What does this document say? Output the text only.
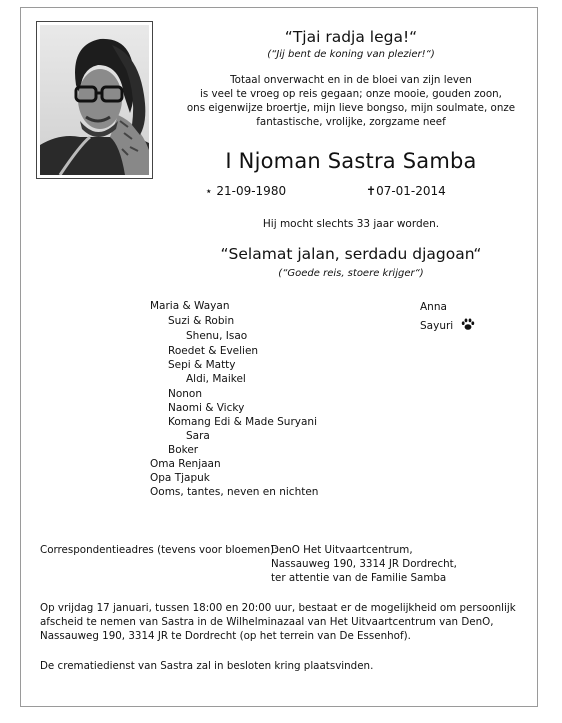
“Tjai radja lega!“
(“Jij bent de koning van plezier!“)
Totaal onverwacht en in de bloei van zijn leven
is veel te vroeg op reis gegaan; onze mooie, gouden zoon,
ons eigenwijze broertje, mijn lieve bongso, mijn soulmate, onze
fantastische, vrolijke, zorgzame neef
I Njoman Sastra Samba
⋆ 21-09-1980	✝07-01-2014
Hij mocht slechts 33 jaar worden.
“Selamat jalan, serdadu djagoan“
(“Goede reis, stoere krijger“)
Maria & Wayan
Suzi & Robin
Shenu, Isao
Roedet & Evelien
Sepi & Matty
Aldi, Maikel
Nonon
Naomi & Vicky
Komang Edi & Made Suryani
Sara
Boker
Oma Renjaan
Opa Tjapuk
Ooms, tantes, neven en nichten
Anna
Sayuri
Correspondentieadres (tevens voor bloemen):
DenO Het Uitvaartcentrum,
Nassauweg 190, 3314 JR Dordrecht,
ter attentie van de Familie Samba
Op vrijdag 17 januari, tussen 18:00 en 20:00 uur, bestaat er de mogelijkheid om persoonlijk
afscheid te nemen van Sastra in de Wilhelminazaal van Het Uitvaartcentrum van DenO,
Nassauweg 190, 3314 JR te Dordrecht (op het terrein van De Essenhof).
De crematiedienst van Sastra zal in besloten kring plaatsvinden.
